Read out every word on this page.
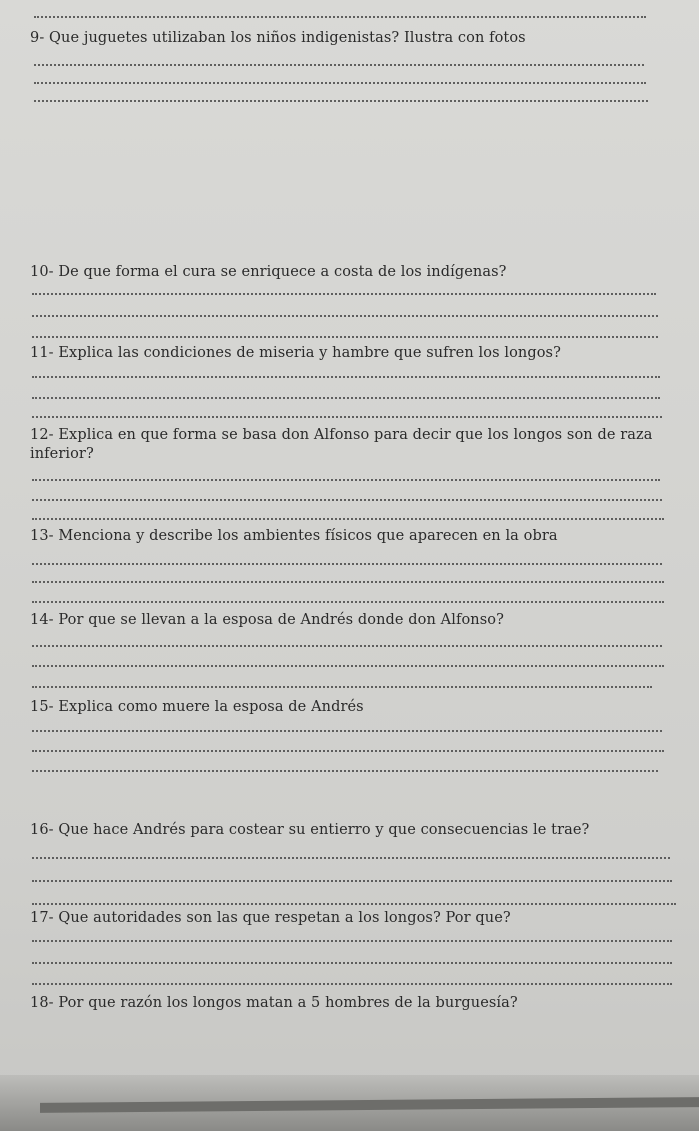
9- Que juguetes utilizaban los niños indigenistas? Ilustra con fotos
10- De que forma el cura se enriquece a costa de los indígenas?
11- Explica las condiciones de miseria y hambre que sufren los longos?
12- Explica en que forma se basa don Alfonso para decir que los longos son de raza inferior?
13- Menciona y describe los ambientes físicos que aparecen en la obra
14- Por que se llevan a la esposa de Andrés donde don Alfonso?
15- Explica como muere la esposa de Andrés
16- Que hace Andrés para costear su entierro y que consecuencias le trae?
17- Que autoridades son las que respetan a los longos? Por que?
18- Por que razón los longos matan a 5 hombres de la burguesía?
